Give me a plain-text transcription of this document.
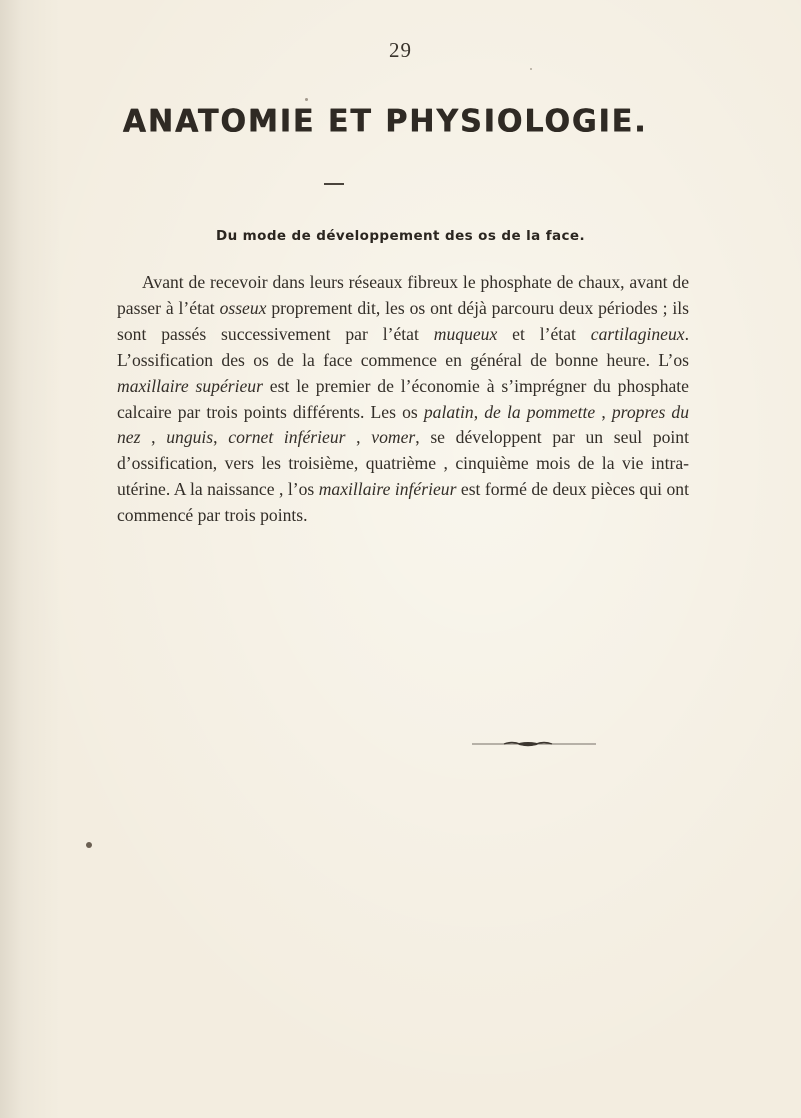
29
ANATOMIE ET PHYSIOLOGIE.
Du mode de développement des os de la face.

Avant de recevoir dans leurs réseaux fibreux le phosphate de chaux, avant de passer à l’état osseux proprement dit, les os ont déjà parcouru deux périodes ; ils sont passés successivement par l’état muqueux et l’état cartilagineux. L’ossification des os de la face commence en général de bonne heure. L’os maxillaire supérieur est le premier de l’économie à s’imprégner du phosphate calcaire par trois points différents. Les os palatin, de la pommette , propres du nez , unguis, cornet inférieur , vomer, se développent par un seul point d’ossification, vers les troisième, quatrième , cinquième mois de la vie intra-utérine. A la naissance , l’os maxillaire inférieur est formé de deux pièces qui ont commencé par trois points.
